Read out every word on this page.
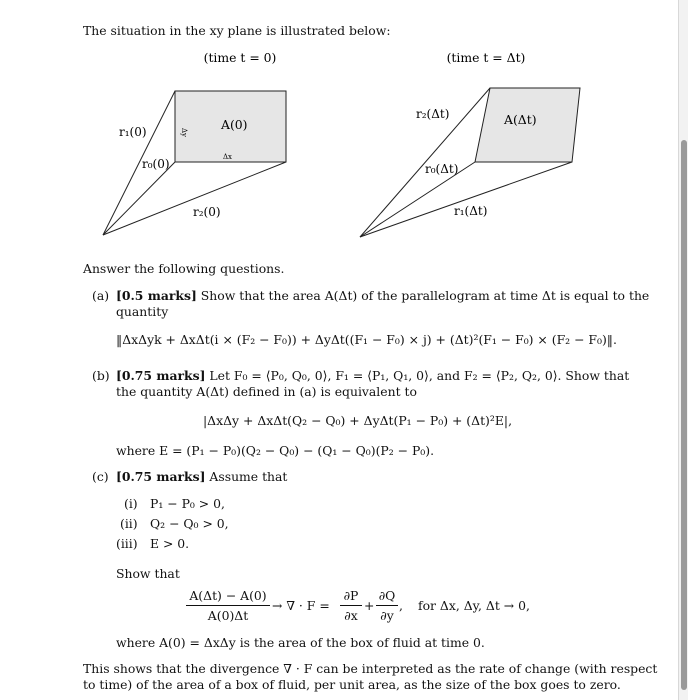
The situation in the xy plane is illustrated below:
(time t = 0)
r₁(0)
r₀(0)
r₂(0)
A(0)
Δy
Δx
(time t = Δt)
r₂(Δt)
r₀(Δt)
r₁(Δt)
A(Δt)
Answer the following questions.
(a) [0.5 marks] Show that the area A(Δt) of the parallelogram at time Δt is equal to the
quantity
‖ΔxΔyk + ΔxΔt(i × (F₂ − F₀)) + ΔyΔt((F₁ − F₀) × j) + (Δt)²(F₁ − F₀) × (F₂ − F₀)‖.
(b) [0.75 marks] Let F₀ = ⟨P₀, Q₀, 0⟩, F₁ = ⟨P₁, Q₁, 0⟩, and F₂ = ⟨P₂, Q₂, 0⟩. Show that
the quantity A(Δt) defined in (a) is equivalent to
|ΔxΔy + ΔxΔt(Q₂ − Q₀) + ΔyΔt(P₁ − P₀) + (Δt)²E|,
where E = (P₁ − P₀)(Q₂ − Q₀) − (Q₁ − Q₀)(P₂ − P₀).
(c) [0.75 marks] Assume that
(i) P₁ − P₀ > 0,
(ii) Q₂ − Q₀ > 0,
(iii) E > 0.
Show that
A(Δt) − A(0)
A(0)Δt
→ ∇ · F =
∂P
∂x
+
∂Q
∂y
, for Δx, Δy, Δt → 0,
where A(0) = ΔxΔy is the area of the box of fluid at time 0.
This shows that the divergence ∇ · F can be interpreted as the rate of change (with respect
to time) of the area of a box of fluid, per unit area, as the size of the box goes to zero.
